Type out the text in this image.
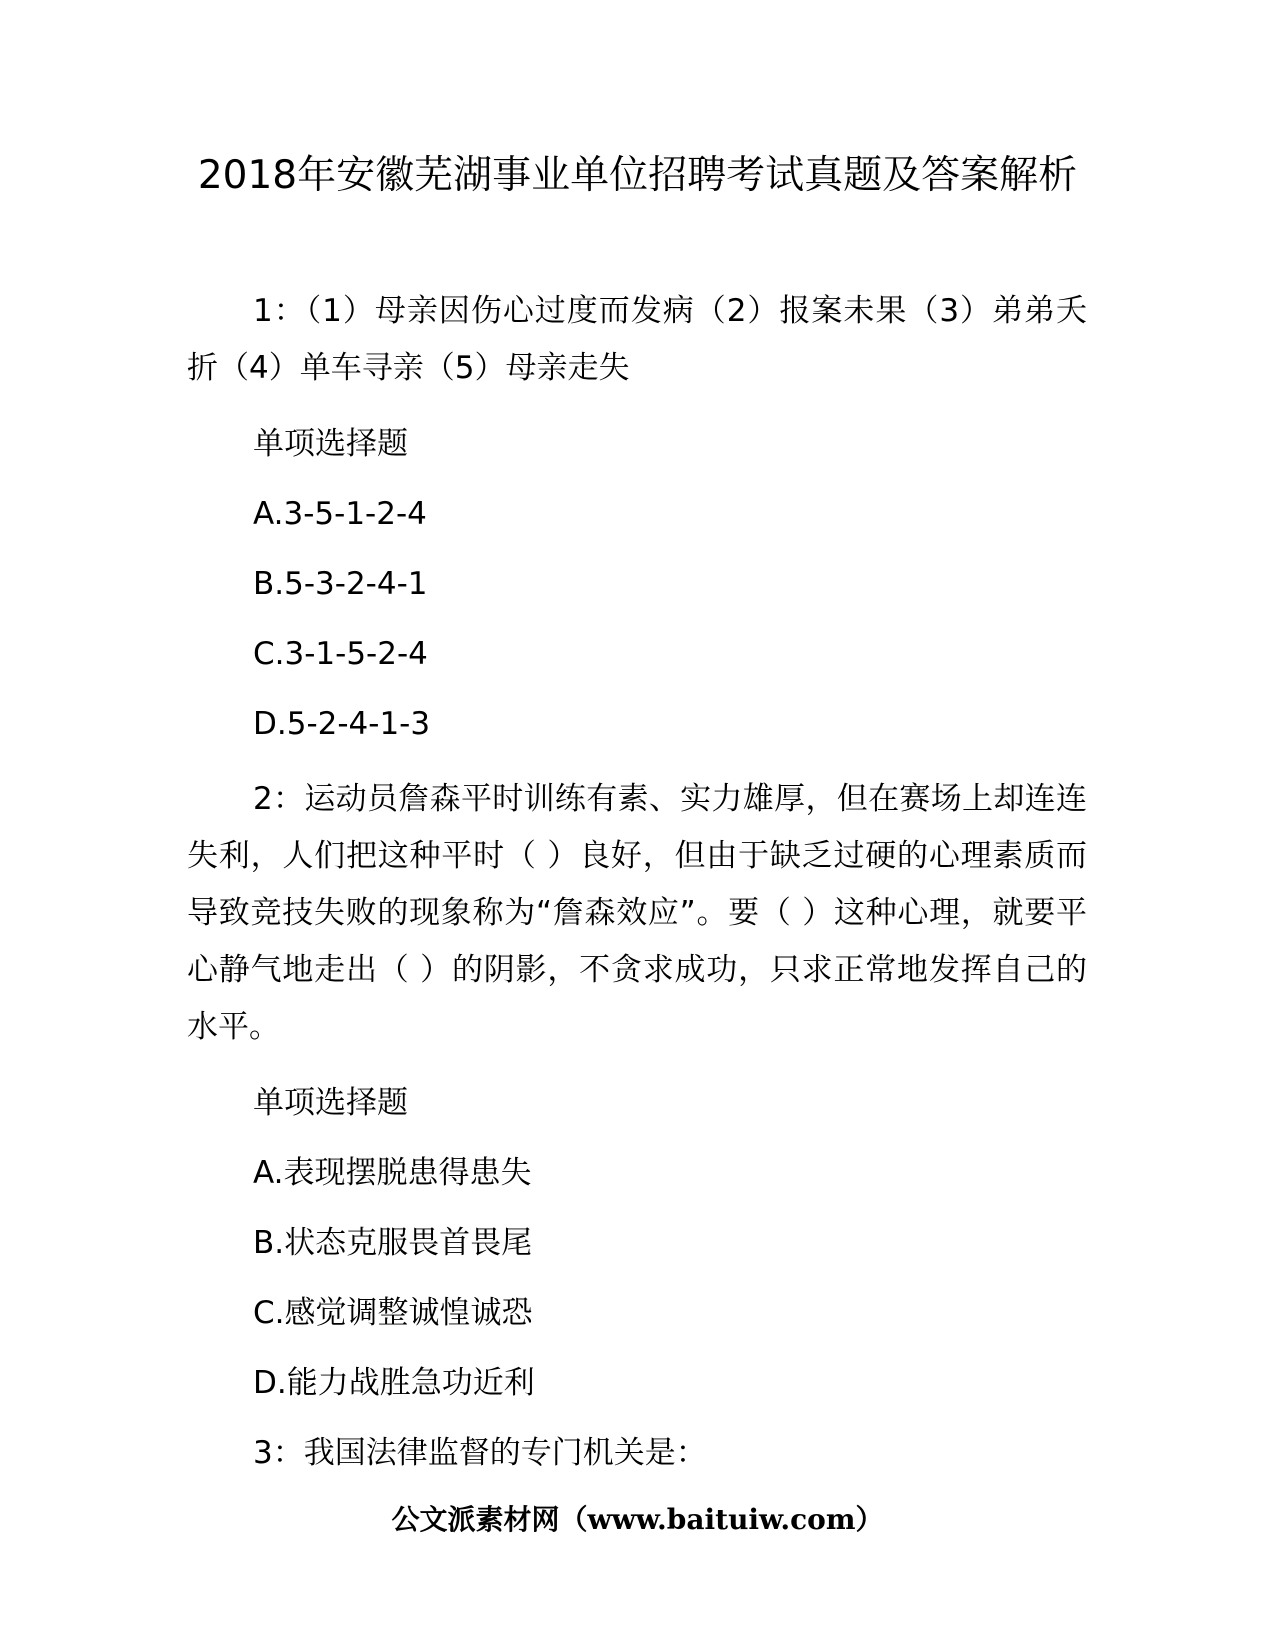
2018年安徽芜湖事业单位招聘考试真题及答案解析

1：（1）母亲因伤心过度而发病（2）报案未果（3）弟弟夭折（4）单车寻亲（5）母亲走失

单项选择题

A.3-5-1-2-4

B.5-3-2-4-1

C.3-1-5-2-4

D.5-2-4-1-3

2：运动员詹森平时训练有素、实力雄厚，但在赛场上却连连失利，人们把这种平时（ ）良好，但由于缺乏过硬的心理素质而导致竞技失败的现象称为“詹森效应”。要（ ）这种心理，就要平心静气地走出（ ）的阴影，不贪求成功，只求正常地发挥自己的水平。

单项选择题

A.表现摆脱患得患失

B.状态克服畏首畏尾

C.感觉调整诚惶诚恐

D.能力战胜急功近利

3：我国法律监督的专门机关是：

公文派素材网（www.baituiw.com）
